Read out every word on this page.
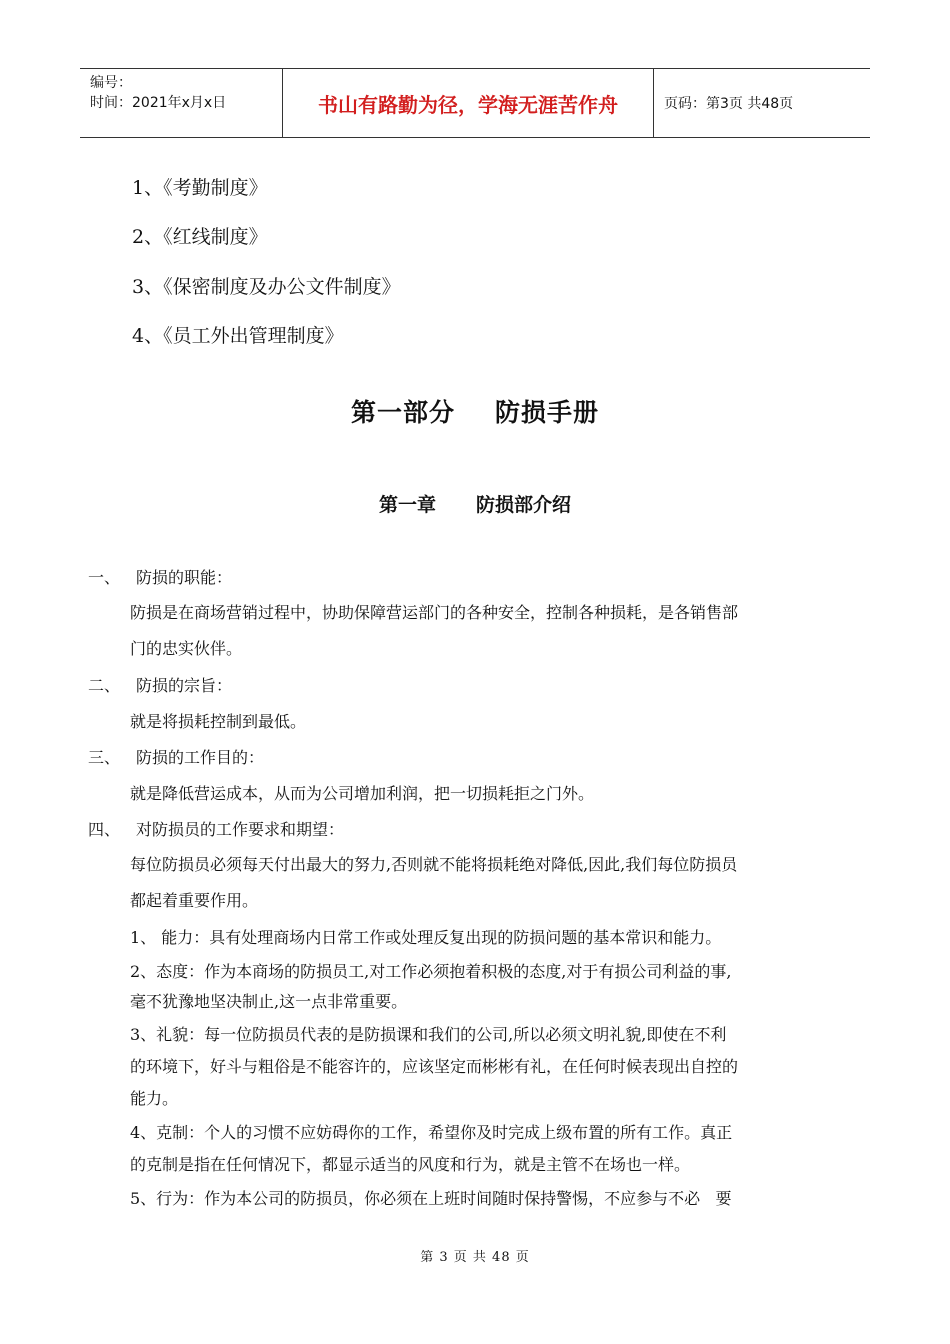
编号：
时间：2021年x月x日	书山有路勤为径，学海无涯苦作舟	页码：第3页 共48页
1、《考勤制度》
2、《红线制度》
3、《保密制度及办公文件制度》
4、《员工外出管理制度》
第一部分 防损手册
第一章 防损部介绍
一、 防损的职能：
防损是在商场营销过程中，协助保障营运部门的各种安全，控制各种损耗，是各销售部
门的忠实伙伴。
二、 防损的宗旨：
就是将损耗控制到最低。
三、 防损的工作目的：
就是降低营运成本，从而为公司增加利润，把一切损耗拒之门外。
四、 对防损员的工作要求和期望：
每位防损员必须每天付出最大的努力,否则就不能将损耗绝对降低,因此,我们每位防损员
都起着重要作用。
1、 能力：具有处理商场内日常工作或处理反复出现的防损问题的基本常识和能力。
2、态度：作为本商场的防损员工,对工作必须抱着积极的态度,对于有损公司利益的事,
毫不犹豫地坚决制止,这一点非常重要。
3、礼貌：每一位防损员代表的是防损课和我们的公司,所以必须文明礼貌,即使在不利
的环境下，好斗与粗俗是不能容许的，应该坚定而彬彬有礼，在任何时候表现出自控的
能力。
4、克制：个人的习惯不应妨碍你的工作，希望你及时完成上级布置的所有工作。真正
的克制是指在任何情况下，都显示适当的风度和行为，就是主管不在场也一样。
5、行为：作为本公司的防损员，你必须在上班时间随时保持警惕，不应参与不必   要
第 3 页 共 48 页
